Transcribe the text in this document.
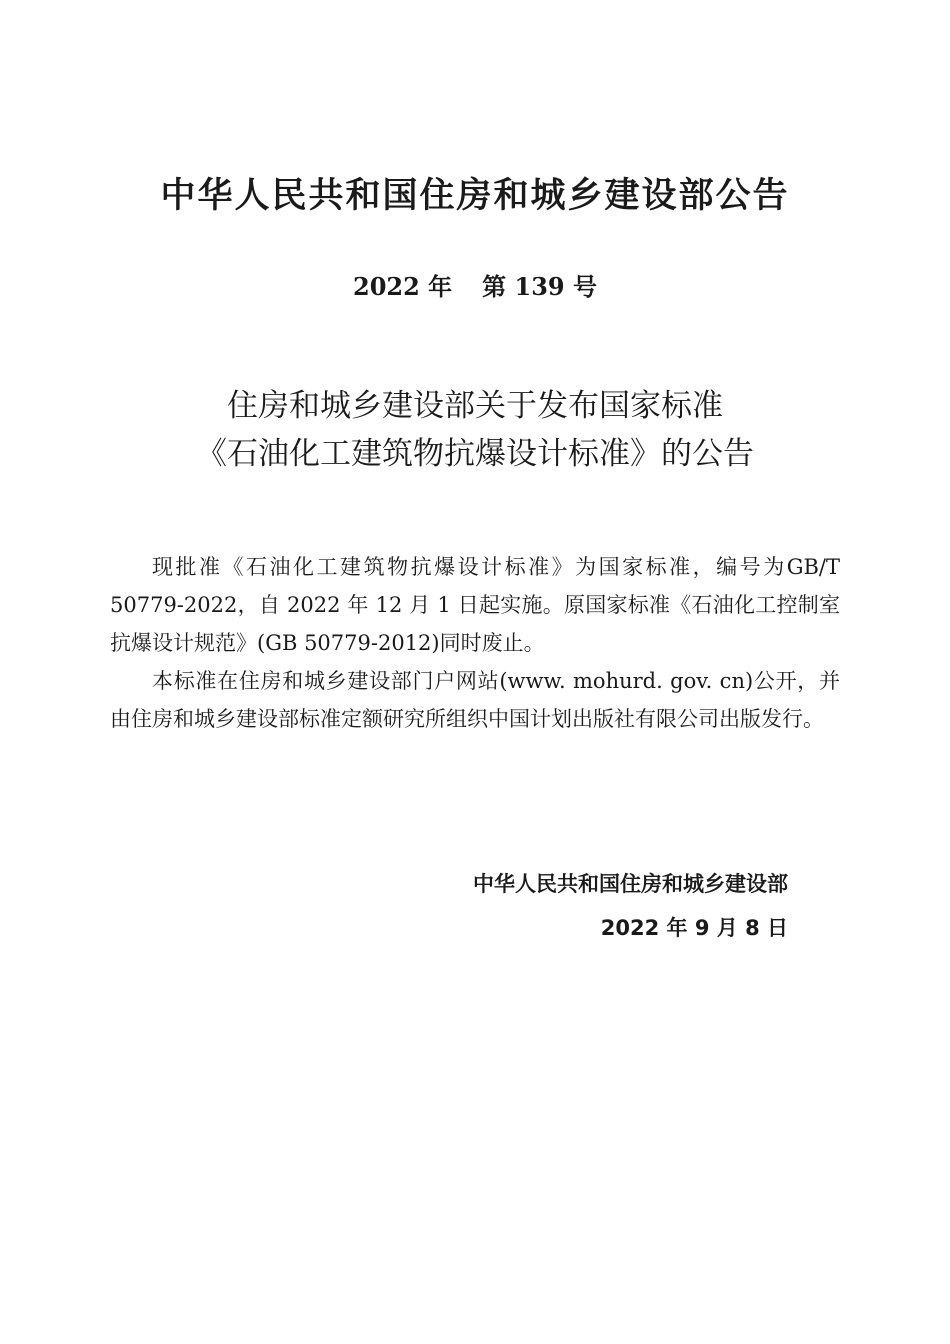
中华人民共和国住房和城乡建设部公告
2022 年 第 139 号
住房和城乡建设部关于发布国家标准
《石油化工建筑物抗爆设计标准》的公告

现批准《石油化工建筑物抗爆设计标准》为国家标准，编号为GB/T 50779-2022，自 2022 年 12 月 1 日起实施。原国家标准《石油化工控制室抗爆设计规范》(GB 50779-2012)同时废止。

本标准在住房和城乡建设部门户网站(www. mohurd. gov. cn)公开，并由住房和城乡建设部标准定额研究所组织中国计划出版社有限公司出版发行。

中华人民共和国住房和城乡建设部
2022 年 9 月 8 日
